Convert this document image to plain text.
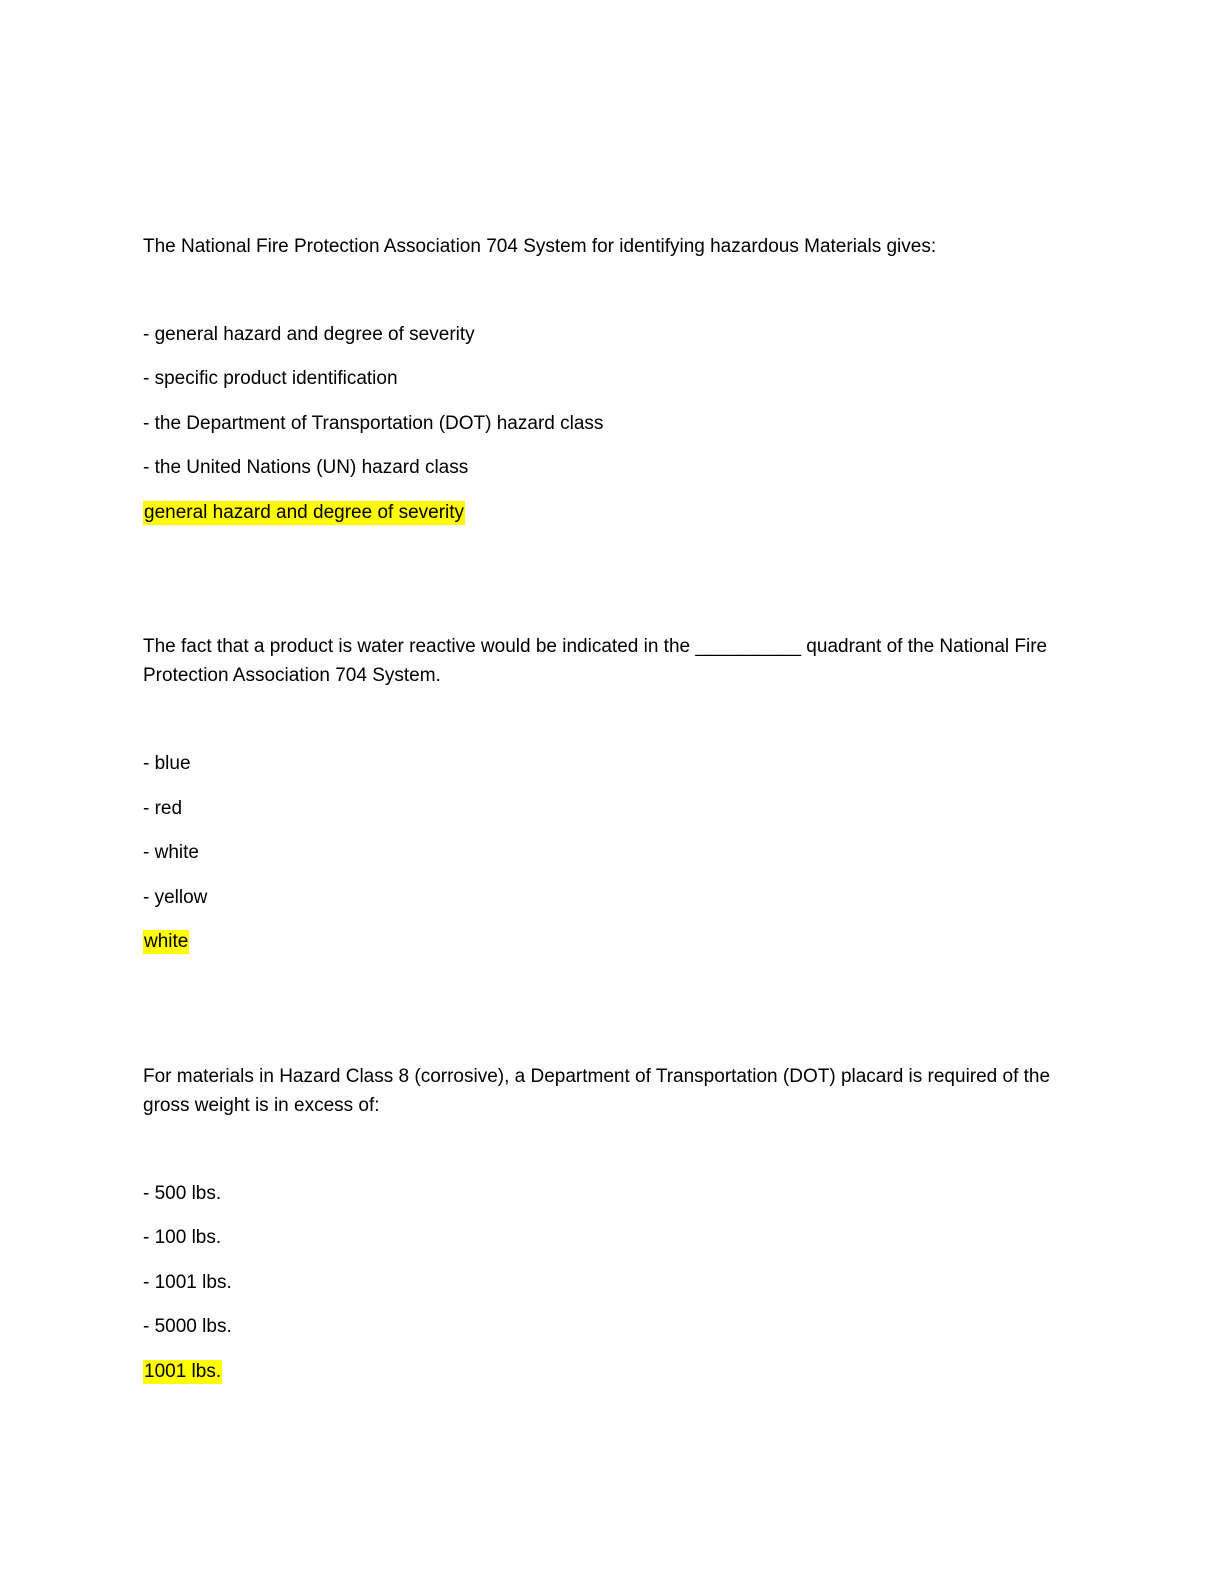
The National Fire Protection Association 704 System for identifying hazardous Materials gives:

- general hazard and degree of severity

- specific product identification

- the Department of Transportation (DOT) hazard class

- the United Nations (UN) hazard class

general hazard and degree of severity

The fact that a product is water reactive would be indicated in the __________ quadrant of the National Fire Protection Association 704 System.

- blue

- red

- white

- yellow

white

For materials in Hazard Class 8 (corrosive), a Department of Transportation (DOT) placard is required of the gross weight is in excess of:

- 500 lbs.

- 100 lbs.

- 1001 lbs.

- 5000 lbs.

1001 lbs.
